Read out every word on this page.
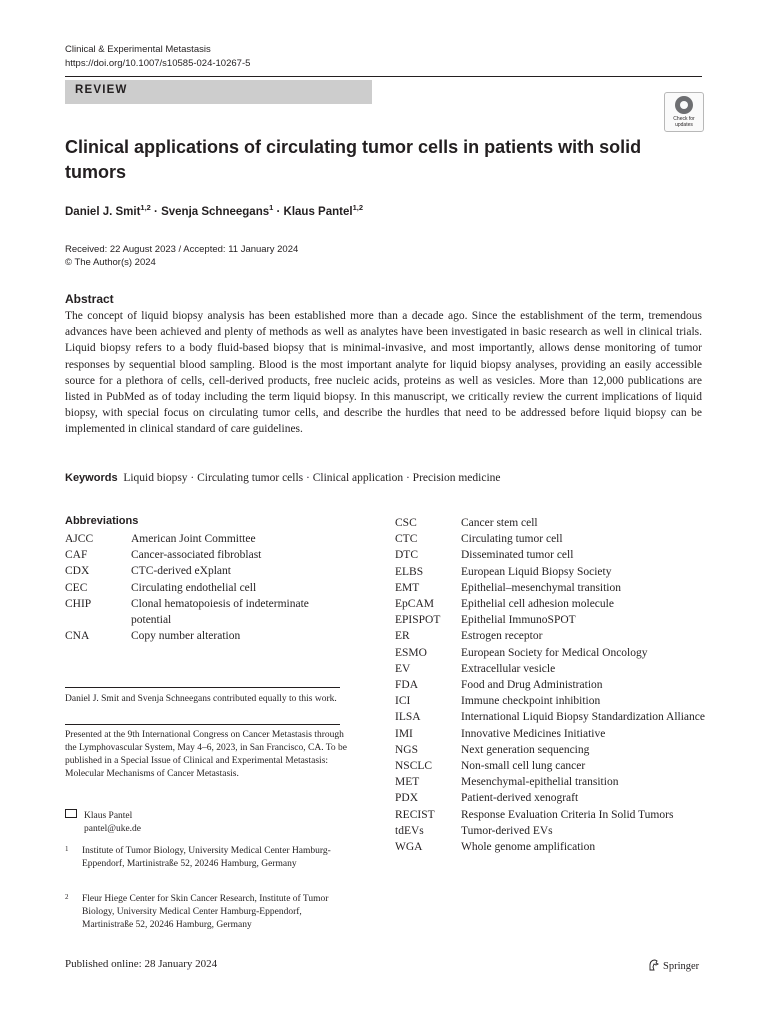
Clinical & Experimental Metastasis
https://doi.org/10.1007/s10585-024-10267-5
REVIEW
Check for
updates
Clinical applications of circulating tumor cells in patients with solid tumors
Daniel J. Smit$^{1,2}$ · Svenja Schneegans$^1$ · Klaus Pantel$^{1,2}$
Received: 22 August 2023 / Accepted: 11 January 2024
© The Author(s) 2024
Abstract
The concept of liquid biopsy analysis has been established more than a decade ago. Since the establishment of the term, tremendous advances have been achieved and plenty of methods as well as analytes have been investigated in basic research as well in clinical trials. Liquid biopsy refers to a body fluid-based biopsy that is minimal-invasive, and most importantly, allows dense monitoring of tumor responses by sequential blood sampling. Blood is the most important analyte for liquid biopsy analyses, providing an easily accessible source for a plethora of cells, cell-derived products, free nucleic acids, proteins as well as vesicles. More than 12,000 publications are listed in PubMed as of today including the term liquid biopsy. In this manuscript, we critically review the current implications of liquid biopsy, with special focus on circulating tumor cells, and describe the hurdles that need to be addressed before liquid biopsy can be implemented in clinical standard of care guidelines.
Keywords Liquid biopsy · Circulating tumor cells · Clinical application · Precision medicine
Abbreviations
AJCC	American Joint Committee
CAF	Cancer-associated fibroblast
CDX	CTC-derived eXplant
CEC	Circulating endothelial cell
CHIP	Clonal hematopoiesis of indeterminate potential
CNA	Copy number alteration
CSC	Cancer stem cell
CTC	Circulating tumor cell
DTC	Disseminated tumor cell
ELBS	European Liquid Biopsy Society
EMT	Epithelial–mesenchymal transition
EpCAM	Epithelial cell adhesion molecule
EPISPOT	Epithelial ImmunoSPOT
ER	Estrogen receptor
ESMO	European Society for Medical Oncology
EV	Extracellular vesicle
FDA	Food and Drug Administration
ICI	Immune checkpoint inhibition
ILSA	International Liquid Biopsy Standardization Alliance
IMI	Innovative Medicines Initiative
NGS	Next generation sequencing
NSCLC	Non-small cell lung cancer
MET	Mesenchymal-epithelial transition
PDX	Patient-derived xenograft
RECIST	Response Evaluation Criteria In Solid Tumors
tdEVs	Tumor-derived EVs
WGA	Whole genome amplification
Daniel J. Smit and Svenja Schneegans contributed equally to this work.
Presented at the 9th International Congress on Cancer Metastasis through the Lymphovascular System, May 4–6, 2023, in San Francisco, CA. To be published in a Special Issue of Clinical and Experimental Metastasis: Molecular Mechanisms of Cancer Metastasis.
Klaus Pantel
pantel@uke.de
1	Institute of Tumor Biology, University Medical Center Hamburg-Eppendorf, Martinistraße 52, 20246 Hamburg, Germany
2	Fleur Hiege Center for Skin Cancer Research, Institute of Tumor Biology, University Medical Center Hamburg-Eppendorf, Martinistraße 52, 20246 Hamburg, Germany
Published online: 28 January 2024	Springer
